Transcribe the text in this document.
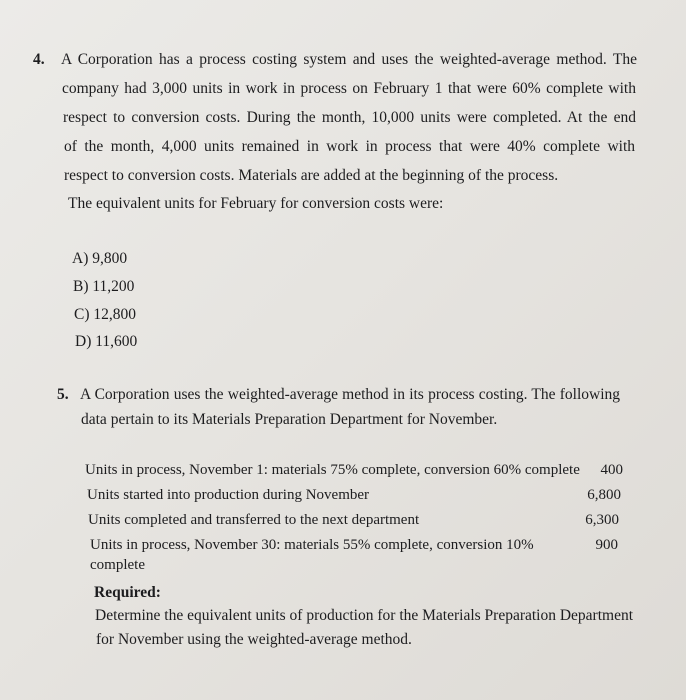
4. A Corporation has a process costing system and uses the weighted-average method. The
company had 3,000 units in work in process on February 1 that were 60% complete with
respect to conversion costs. During the month, 10,000 units were completed. At the end
of the month, 4,000 units remained in work in process that were 40% complete with
respect to conversion costs. Materials are added at the beginning of the process.
The equivalent units for February for conversion costs were:
A) 9,800
B) 11,200
C) 12,800
D) 11,600
5. A Corporation uses the weighted-average method in its process costing. The following
data pertain to its Materials Preparation Department for November.
Units in process, November 1: materials 75% complete, conversion 60% complete	400
Units started into production during November	6,800
Units completed and transferred to the next department	6,300
Units in process, November 30: materials 55% complete, conversion 10% complete
900
Required:
Determine the equivalent units of production for the Materials Preparation Department
for November using the weighted-average method.
